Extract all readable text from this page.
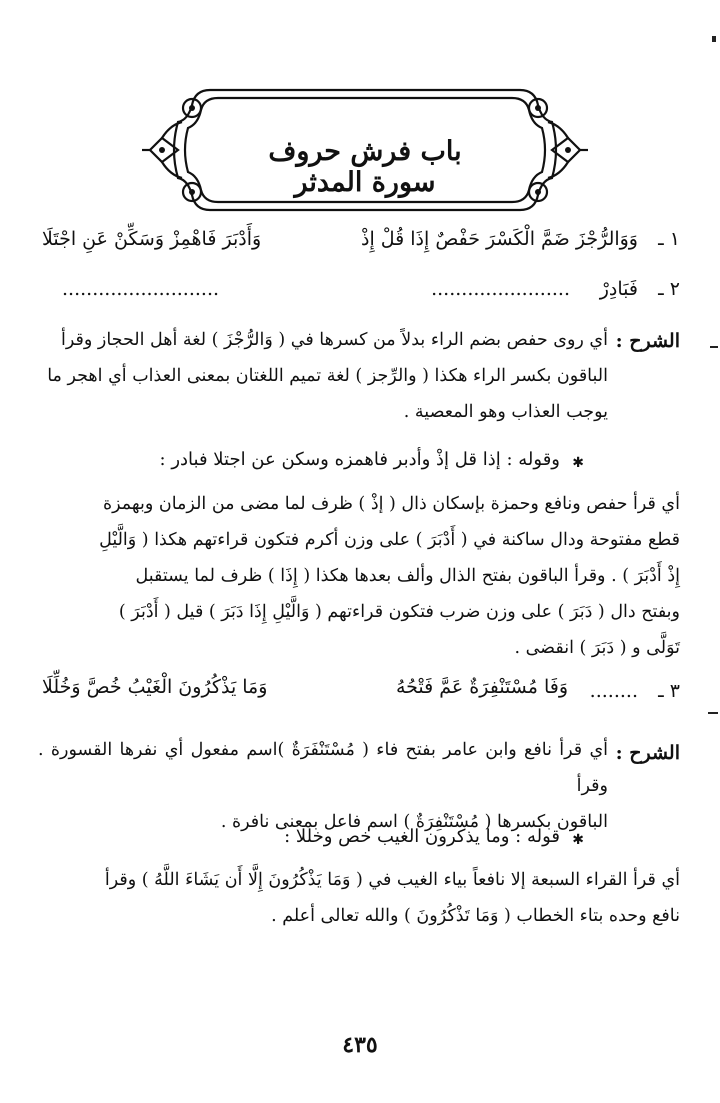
باب فرش حروف سورة المدثر
١ ـ
وَوَالرُّجْزَ ضَمَّ الْكَسْرَ حَفْصٌ إِذَا قُلْ إِذْ
وَأَدْبَرَ فَاهْمِزْ وَسَكِّنْ عَنِ اجْتَلَا
٢ ـ
فَبَادِرْ
.......................
..........................
الشرح :
أي روى حفص بضم الراء بدلاً من كسرها في ( وَالرُّجْزَ ) لغة أهل الحجاز وقرأ
الباقون بكسر الراء هكذا ( والرِّجز ) لغة تميم اللغتان بمعنى العذاب أي اهجر ما
يوجب العذاب وهو المعصية .
✱
وقوله : إذا قل إذْ وأدبر فاهمزه وسكن عن اجتلا فبادر :
أي قرأ حفص ونافع وحمزة بإسكان ذال ( إذْ ) ظرف لما مضى من الزمان وبهمزة
قطع مفتوحة ودال ساكنة في ( أَدْبَرَ ) على وزن أكرم فتكون قراءتهم هكذا ( وَالَّيْلِ
إِذْ أَدْبَرَ ) . وقرأ الباقون بفتح الذال وألف بعدها هكذا ( إِذَا ) ظرف لما يستقبل
وبفتح دال ( دَبَرَ ) على وزن ضرب فتكون قراءتهم ( وَالَّيْلِ إِذَا دَبَرَ ) قيل ( أَدْبَرَ )
تَوَلَّى و ( دَبَرَ ) انقضى .
٣ ـ
........
وَفَا مُسْتَنْفِرَةٌ عَمَّ فَتْحُهُ
وَمَا يَذْكُرُونَ الْغَيْبُ خُصَّ وَخُلِّلَا
الشرح :
أي قرأ نافع وابن عامر بفتح فاء ( مُسْتَنْفَرَةٌ )اسم مفعول أي نفرها القسورة . وقرأ
الباقون بكسرها ( مُسْتَنْفِرَةٌ ) اسم فاعل بمعنى نافرة .
✱
قوله : وما يذكرون الغيب خص وخللا :
أي قرأ القراء السبعة إلا نافعاً بياء الغيب في ( وَمَا يَذْكُرُونَ إِلَّا أَن يَشَاءَ اللَّهُ ) وقرأ
نافع وحده بتاء الخطاب ( وَمَا تَذْكُرُونَ ) والله تعالى أعلم .
٤٣٥
